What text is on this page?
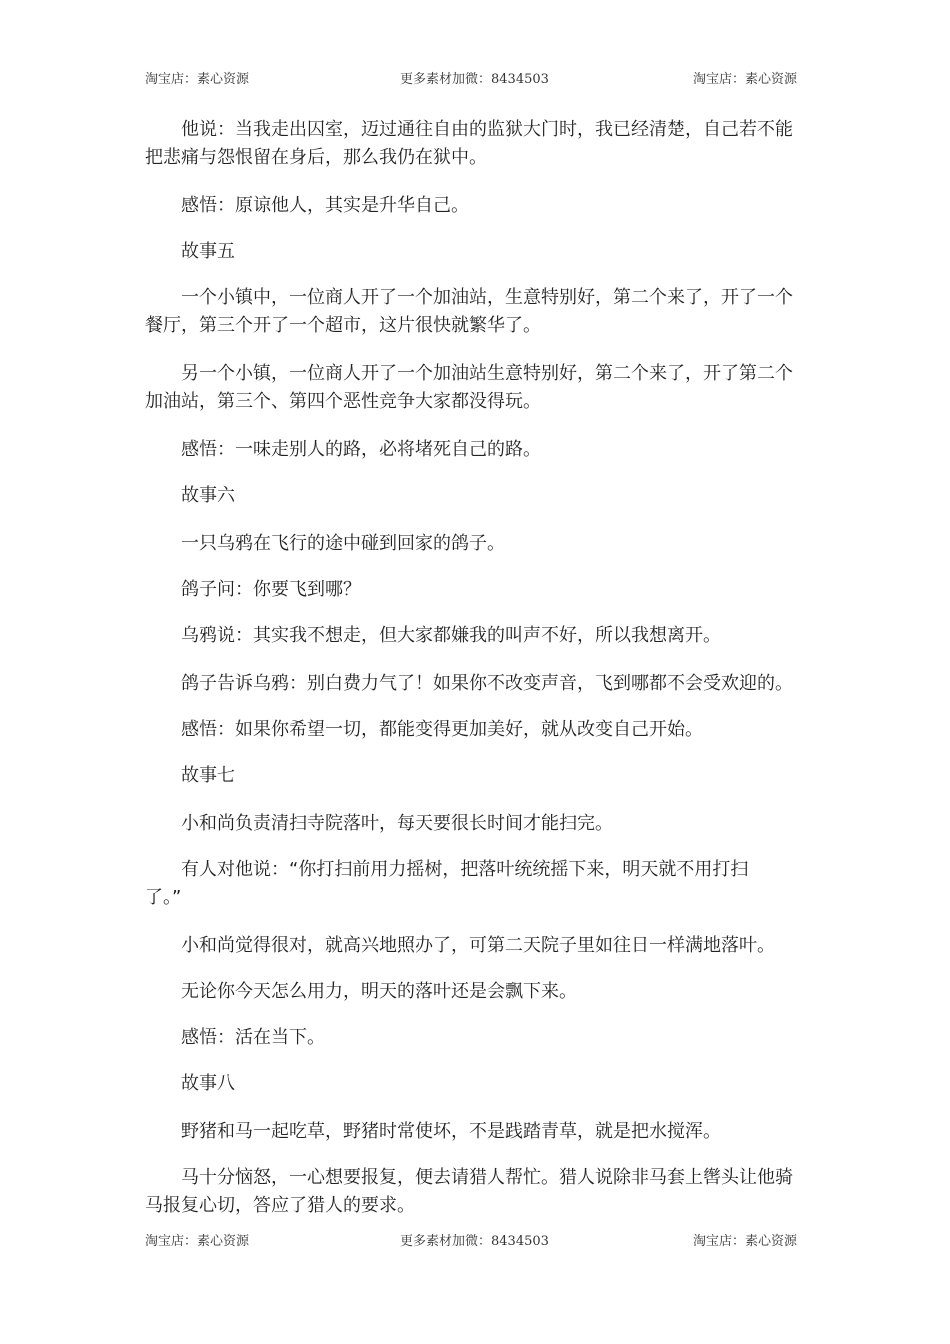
淘宝店：素心资源	更多素材加微：8434503	淘宝店：素心资源
他说：当我走出囚室，迈过通往自由的监狱大门时，我已经清楚，自己若不能
把悲痛与怨恨留在身后，那么我仍在狱中。
感悟：原谅他人，其实是升华自己。
故事五
一个小镇中，一位商人开了一个加油站，生意特别好，第二个来了，开了一个
餐厅，第三个开了一个超市，这片很快就繁华了。
另一个小镇，一位商人开了一个加油站生意特别好，第二个来了，开了第二个
加油站，第三个、第四个恶性竞争大家都没得玩。
感悟：一味走别人的路，必将堵死自己的路。
故事六
一只乌鸦在飞行的途中碰到回家的鸽子。
鸽子问：你要飞到哪？
乌鸦说：其实我不想走，但大家都嫌我的叫声不好，所以我想离开。
鸽子告诉乌鸦：别白费力气了！如果你不改变声音，飞到哪都不会受欢迎的。
感悟：如果你希望一切，都能变得更加美好，就从改变自己开始。
故事七
小和尚负责清扫寺院落叶，每天要很长时间才能扫完。
有人对他说：“你打扫前用力摇树，把落叶统统摇下来，明天就不用打扫
了。”
小和尚觉得很对，就高兴地照办了，可第二天院子里如往日一样满地落叶。
无论你今天怎么用力，明天的落叶还是会飘下来。
感悟：活在当下。
故事八
野猪和马一起吃草，野猪时常使坏，不是践踏青草，就是把水搅浑。
马十分恼怒，一心想要报复，便去请猎人帮忙。猎人说除非马套上辔头让他骑
马报复心切，答应了猎人的要求。
淘宝店：素心资源	更多素材加微：8434503	淘宝店：素心资源
